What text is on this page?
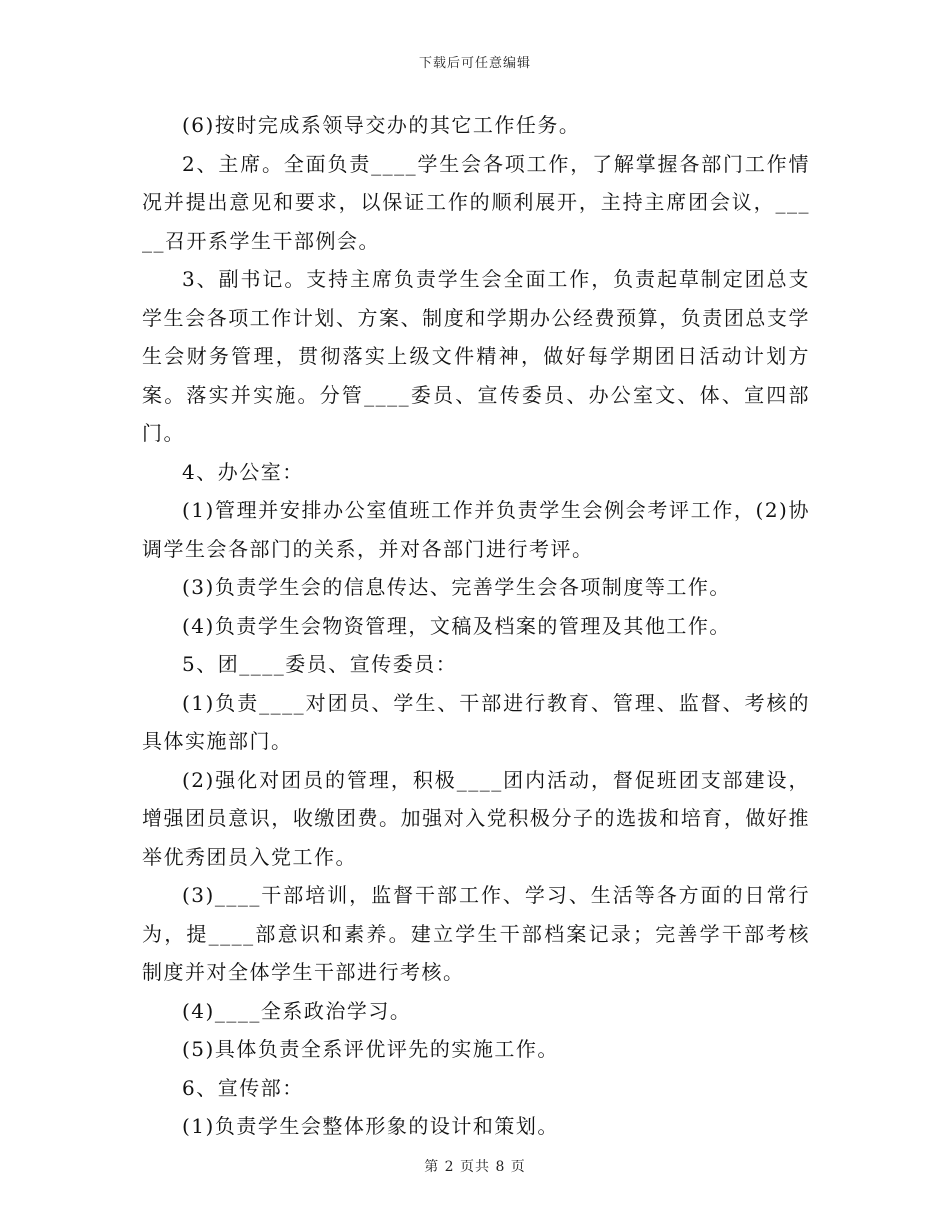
下载后可任意编辑

(6)按时完成系领导交办的其它工作任务。

2、主席。全面负责____学生会各项工作，了解掌握各部门工作情况并提出意见和要求，以保证工作的顺利展开，主持主席团会议，_____召开系学生干部例会。

3、副书记。支持主席负责学生会全面工作，负责起草制定团总支学生会各项工作计划、方案、制度和学期办公经费预算，负责团总支学生会财务管理，贯彻落实上级文件精神，做好每学期团日活动计划方案。落实并实施。分管____委员、宣传委员、办公室文、体、宣四部门。

4、办公室：

(1)管理并安排办公室值班工作并负责学生会例会考评工作，(2)协调学生会各部门的关系，并对各部门进行考评。

(3)负责学生会的信息传达、完善学生会各项制度等工作。

(4)负责学生会物资管理，文稿及档案的管理及其他工作。

5、团____委员、宣传委员：

(1)负责____对团员、学生、干部进行教育、管理、监督、考核的具体实施部门。

(2)强化对团员的管理，积极____团内活动，督促班团支部建设，增强团员意识，收缴团费。加强对入党积极分子的选拔和培育，做好推举优秀团员入党工作。

(3)____干部培训，监督干部工作、学习、生活等各方面的日常行为，提____部意识和素养。建立学生干部档案记录；完善学干部考核制度并对全体学生干部进行考核。

(4)____全系政治学习。

(5)具体负责全系评优评先的实施工作。

6、宣传部：

(1)负责学生会整体形象的设计和策划。

第 2 页共 8 页
